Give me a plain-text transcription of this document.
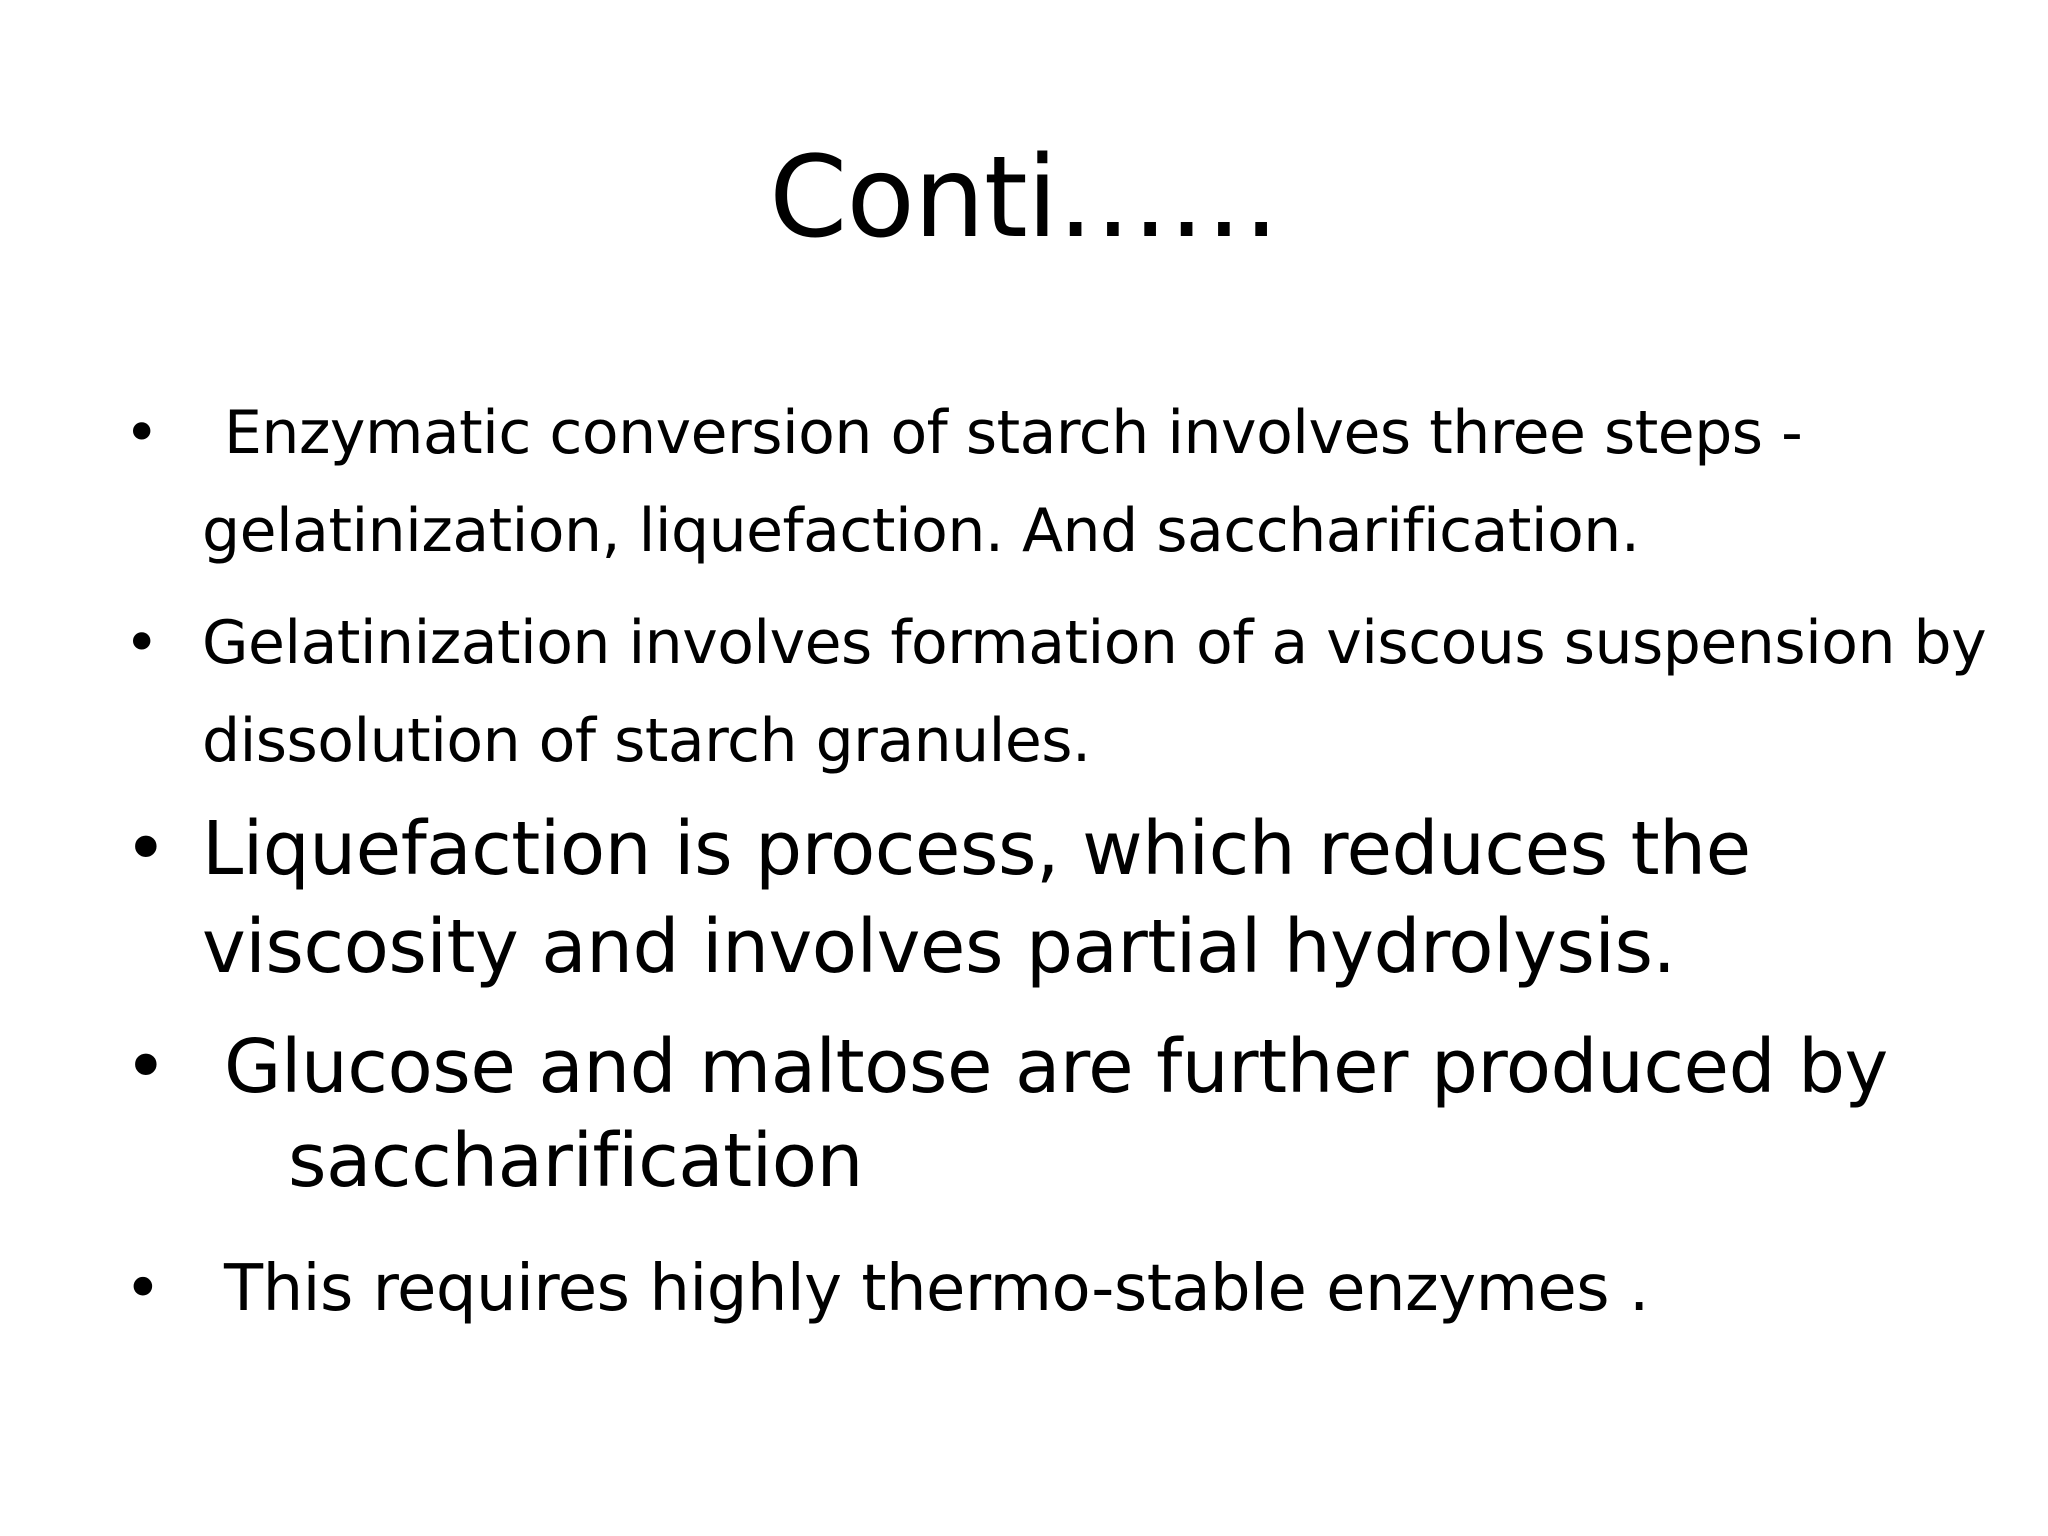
Conti……
•	Enzymatic conversion of starch involves three steps - gelatinization, liquefaction. And saccharification.
• Gelatinization involves formation of a viscous suspension by dissolution of starch granules.
• Liquefaction is process, which reduces the viscosity and involves partial hydrolysis.
• Glucose and maltose are further produced by
saccharification
• This requires highly thermo-stable enzymes .
